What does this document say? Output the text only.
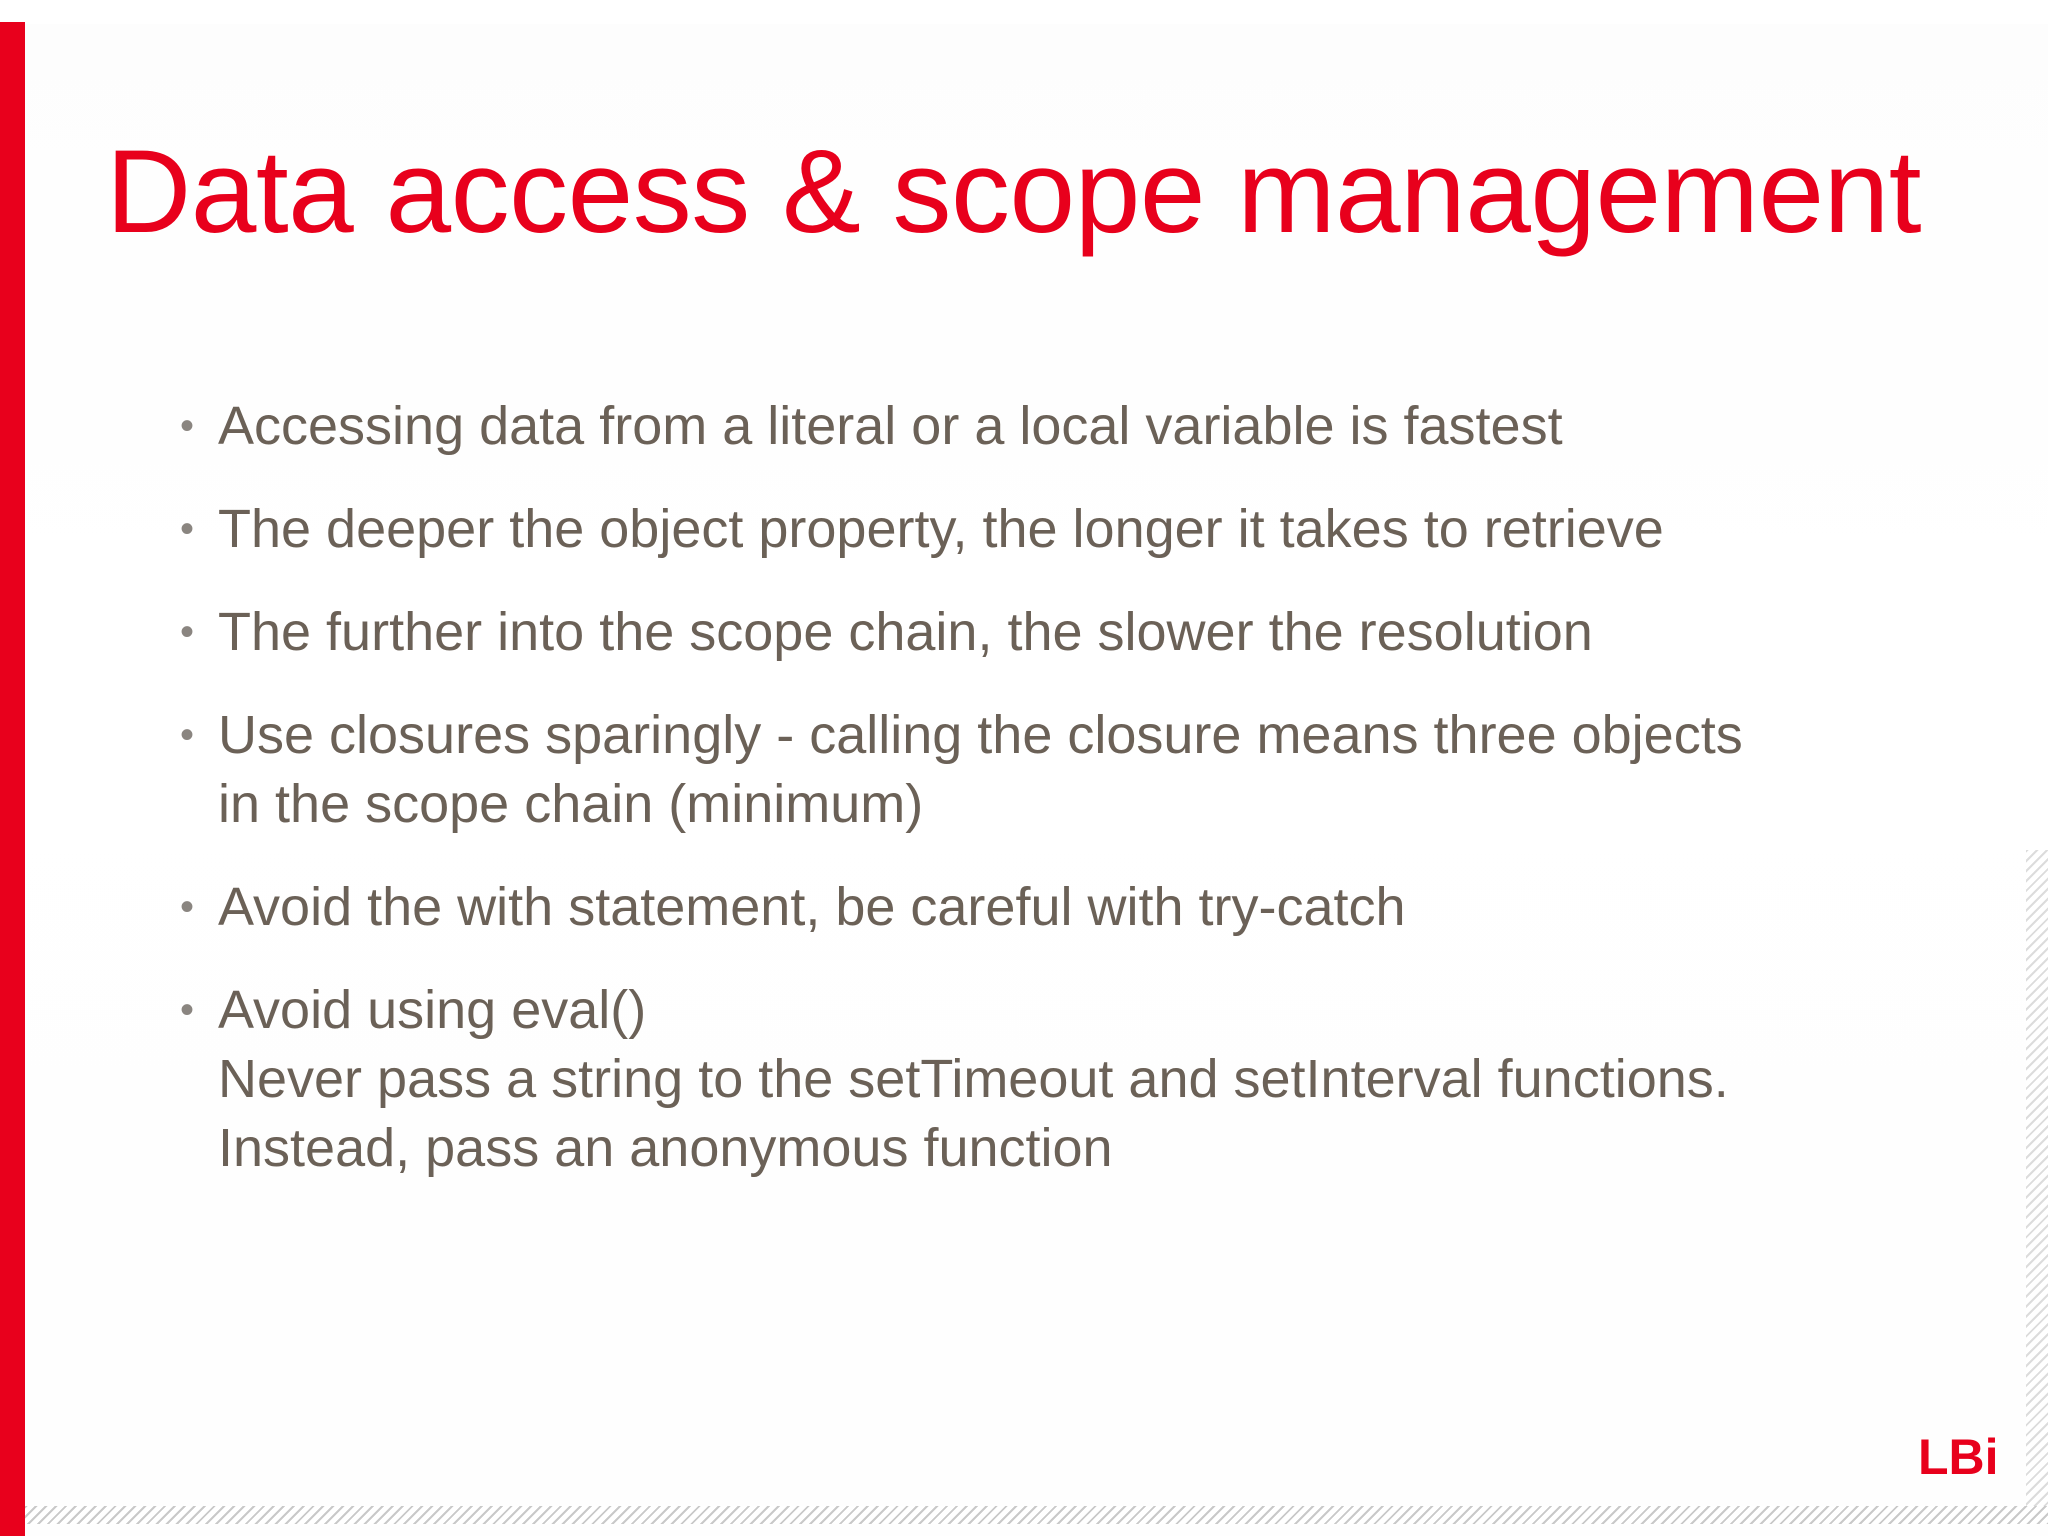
Data access & scope management
• Accessing data from a literal or a local variable is fastest
• The deeper the object property, the longer it takes to retrieve
• The further into the scope chain, the slower the resolution
• Use closures sparingly - calling the closure means three objects
in the scope chain (minimum)
• Avoid the with statement, be careful with try-catch
• Avoid using eval()
Never pass a string to the setTimeout and setInterval functions.
Instead, pass an anonymous function
LBi
